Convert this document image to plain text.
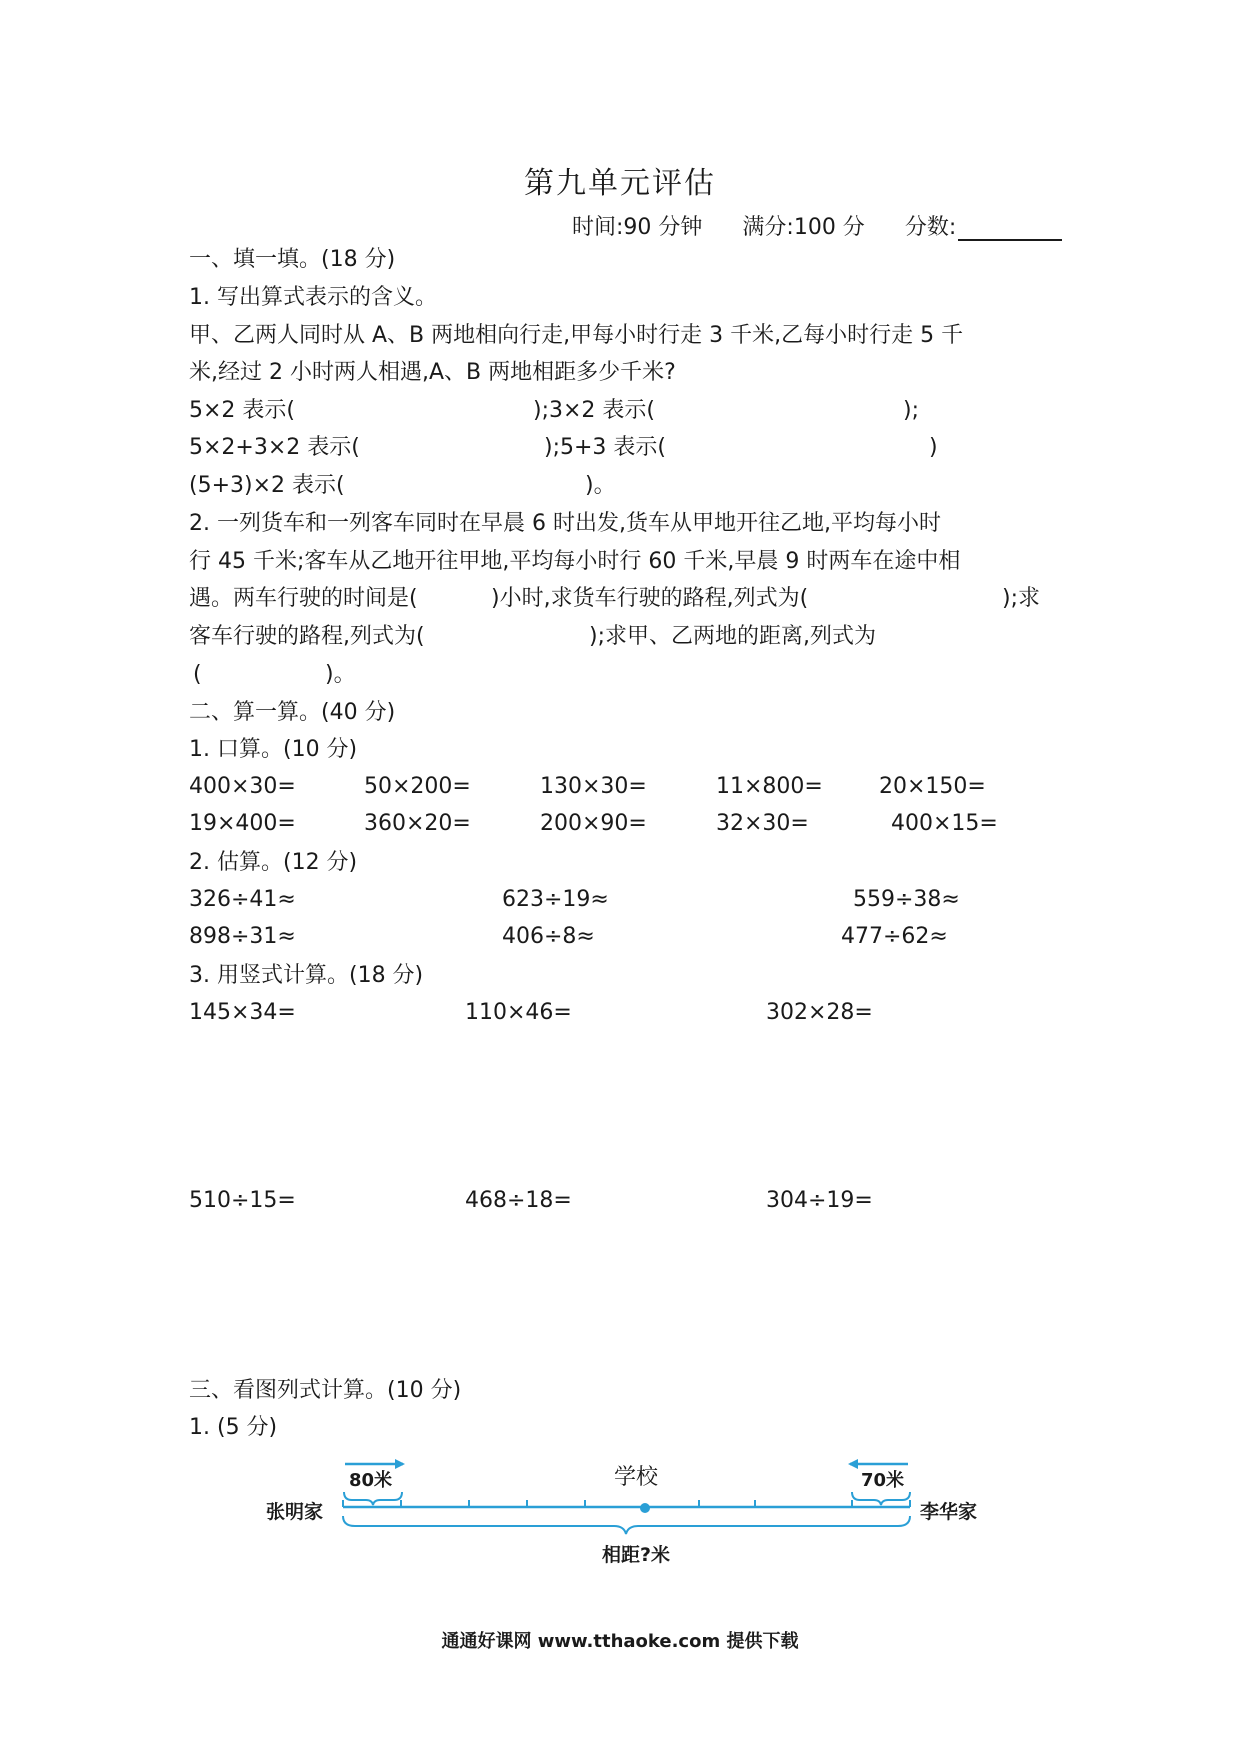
第九单元评估
时间:90 分钟 满分:100 分 分数:
一、填一填。(18 分)
1. 写出算式表示的含义。
甲、乙两人同时从 A、B 两地相向行走,甲每小时行走 3 千米,乙每小时行走 5 千
米,经过 2 小时两人相遇,A、B 两地相距多少千米?
5×2 表示(	);3×2 表示(	);
5×2+3×2 表示(	);5+3 表示(	)
(5+3)×2 表示(	)。
2. 一列货车和一列客车同时在早晨 6 时出发,货车从甲地开往乙地,平均每小时
行 45 千米;客车从乙地开往甲地,平均每小时行 60 千米,早晨 9 时两车在途中相
遇。两车行驶的时间是(	)小时,求货车行驶的路程,列式为(	);求
客车行驶的路程,列式为(	);求甲、乙两地的距离,列式为
(	)。
二、算一算。(40 分)
1. 口算。(10 分)
400×30=	50×200=	130×30=	11×800=	20×150=
19×400=	360×20=	200×90=	32×30=	400×15=
2. 估算。(12 分)
326÷41≈	623÷19≈	559÷38≈
898÷31≈	406÷8≈	477÷62≈
3. 用竖式计算。(18 分)
145×34=	110×46=	302×28=
510÷15=	468÷18=	304÷19=
三、看图列式计算。(10 分)
1. (5 分)
80米	70米
学校
张明家	李华家
相距?米
通通好课网 www.tthaoke.com 提供下载
